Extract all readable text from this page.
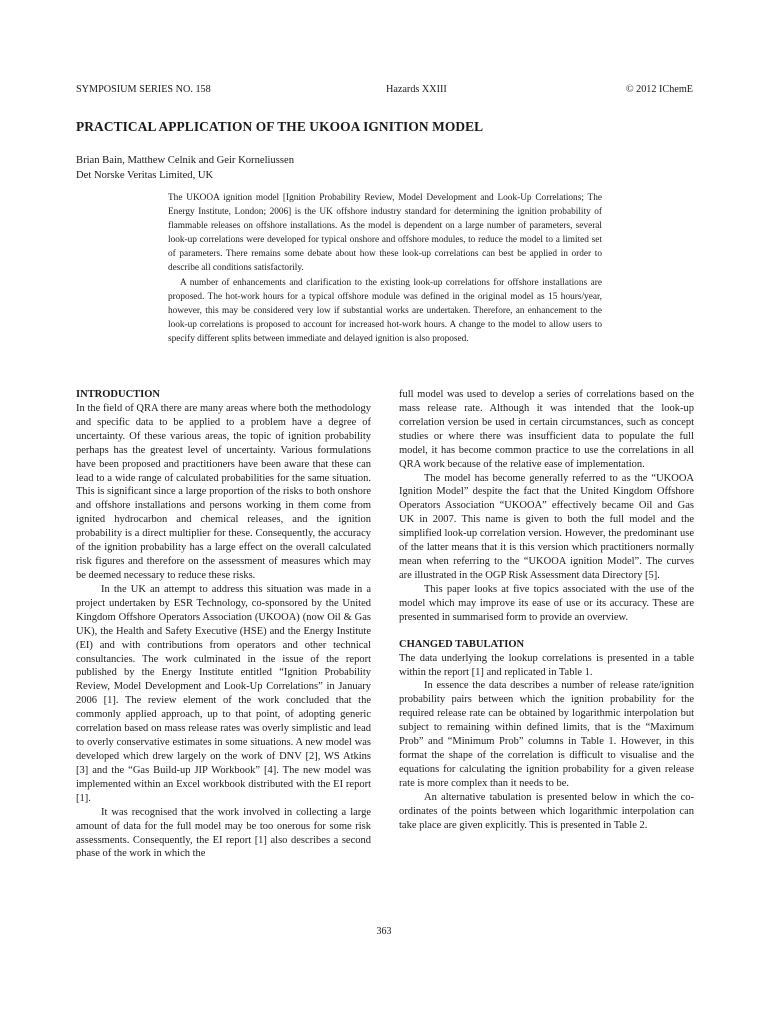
SYMPOSIUM SERIES NO. 158	Hazards XXIII	© 2012 IChemE
PRACTICAL APPLICATION OF THE UKOOA IGNITION MODEL
Brian Bain, Matthew Celnik and Geir Korneliussen
Det Norske Veritas Limited, UK

The UKOOA ignition model [Ignition Probability Review, Model Development and Look-Up Correlations; The Energy Institute, London; 2006] is the UK offshore industry standard for determining the ignition probability of flammable releases on offshore installations. As the model is dependent on a large number of parameters, several look-up correlations were developed for typical onshore and offshore modules, to reduce the model to a limited set of parameters. There remains some debate about how these look-up correlations can best be applied in order to describe all conditions satisfactorily.

A number of enhancements and clarification to the existing look-up correlations for offshore installations are proposed. The hot-work hours for a typical offshore module was defined in the original model as 15 hours/year, however, this may be considered very low if substantial works are undertaken. Therefore, an enhancement to the look-up correlations is proposed to account for increased hot-work hours. A change to the model to allow users to specify different splits between immediate and delayed ignition is also proposed.

INTRODUCTION

In the field of QRA there are many areas where both the methodology and specific data to be applied to a problem have a degree of uncertainty. Of these various areas, the topic of ignition probability perhaps has the greatest level of uncertainty. Various formulations have been proposed and practitioners have been aware that these can lead to a wide range of calculated probabilities for the same situation. This is significant since a large proportion of the risks to both onshore and offshore installations and persons working in them come from ignited hydrocarbon and chemical releases, and the ignition probability is a direct multiplier for these. Consequently, the accuracy of the ignition probability has a large effect on the overall calculated risk figures and therefore on the assessment of measures which may be deemed necessary to reduce these risks.

In the UK an attempt to address this situation was made in a project undertaken by ESR Technology, co-sponsored by the United Kingdom Offshore Operators Association (UKOOA) (now Oil & Gas UK), the Health and Safety Executive (HSE) and the Energy Institute (EI) and with contributions from operators and other technical consultancies. The work culminated in the issue of the report published by the Energy Institute entitled “Ignition Probability Review, Model Development and Look-Up Correlations” in January 2006 [1]. The review element of the work concluded that the commonly applied approach, up to that point, of adopting generic correlation based on mass release rates was overly simplistic and lead to overly conservative estimates in some situations. A new model was developed which drew largely on the work of DNV [2], WS Atkins [3] and the “Gas Build-up JIP Workbook” [4]. The new model was implemented within an Excel workbook distributed with the EI report [1].

It was recognised that the work involved in collecting a large amount of data for the full model may be too onerous for some risk assessments. Consequently, the EI report [1] also describes a second phase of the work in which the

full model was used to develop a series of correlations based on the mass release rate. Although it was intended that the look-up correlation version be used in certain circumstances, such as concept studies or where there was insufficient data to populate the full model, it has become common practice to use the correlations in all QRA work because of the relative ease of implementation.

The model has become generally referred to as the “UKOOA Ignition Model” despite the fact that the United Kingdom Offshore Operators Association “UKOOA” effectively became Oil and Gas UK in 2007. This name is given to both the full model and the simplified look-up correlation version. However, the predominant use of the latter means that it is this version which practitioners normally mean when referring to the “UKOOA ignition Model”. The curves are illustrated in the OGP Risk Assessment data Directory [5].

This paper looks at five topics associated with the use of the model which may improve its ease of use or its accuracy. These are presented in summarised form to provide an overview.

CHANGED TABULATION

The data underlying the lookup correlations is presented in a table within the report [1] and replicated in Table 1.

In essence the data describes a number of release rate/ignition probability pairs between which the ignition probability for the required release rate can be obtained by logarithmic interpolation but subject to remaining within defined limits, that is the “Maximum Prob” and “Minimum Prob” columns in Table 1. However, in this format the shape of the correlation is difficult to visualise and the equations for calculating the ignition probability for a given release rate is more complex than it needs to be.

An alternative tabulation is presented below in which the co-ordinates of the points between which logarithmic interpolation can take place are given explicitly. This is presented in Table 2.

363
